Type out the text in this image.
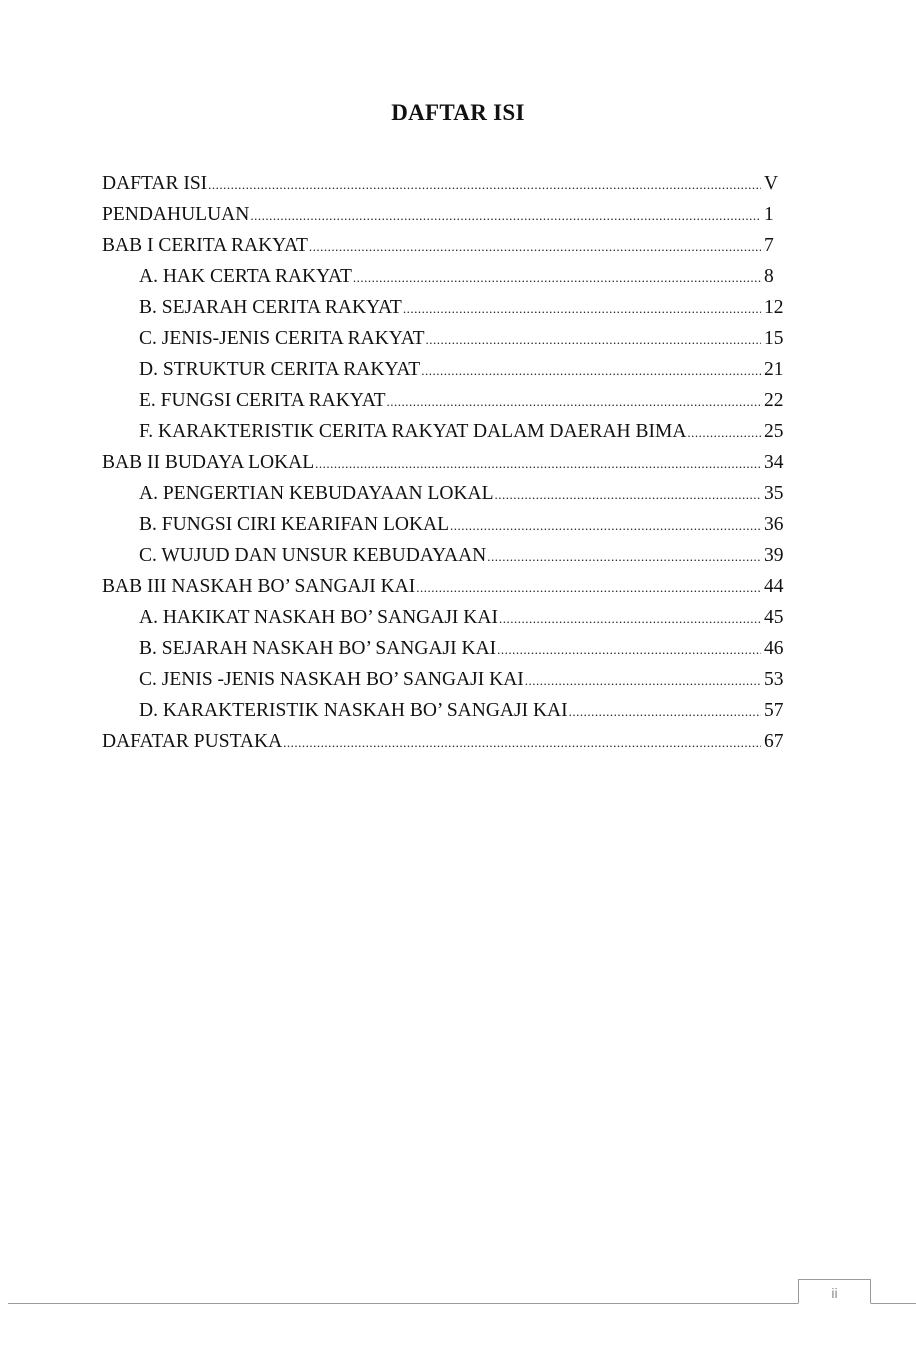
DAFTAR ISI
DAFTAR ISI .....	V
PENDAHULUAN .....	1
BAB I CERITA RAKYAT .....	7
A. HAK CERTA RAKYAT .....	8
B. SEJARAH CERITA RAKYAT .....	12
C. JENIS-JENIS CERITA RAKYAT .....	15
D. STRUKTUR CERITA RAKYAT .....	21
E. FUNGSI CERITA RAKYAT .....	22
F. KARAKTERISTIK CERITA RAKYAT DALAM DAERAH BIMA .....	25
BAB II BUDAYA LOKAL .....	34
A. PENGERTIAN KEBUDAYAAN LOKAL .....	35
B. FUNGSI CIRI KEARIFAN LOKAL .....	36
C. WUJUD DAN UNSUR KEBUDAYAAN .....	39
BAB III NASKAH BO’ SANGAJI KAI .....	44
A. HAKIKAT NASKAH BO’ SANGAJI KAI .....	45
B. SEJARAH NASKAH BO’ SANGAJI KAI .....	46
C. JENIS -JENIS NASKAH BO’ SANGAJI KAI .....	53
D. KARAKTERISTIK NASKAH BO’ SANGAJI KAI .....	57
DAFATAR PUSTAKA .....	67
ii
